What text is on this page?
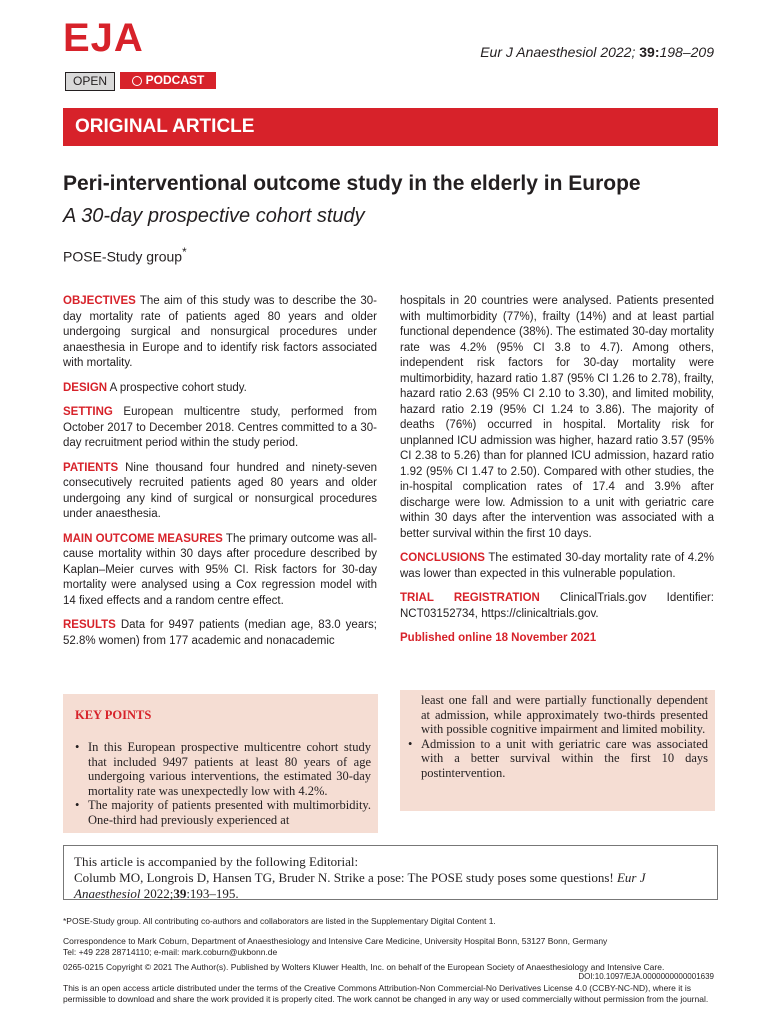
EJA
OPEN	PODCAST
Eur J Anaesthesiol 2022; 39:198–209
ORIGINAL ARTICLE
Peri-interventional outcome study in the elderly in Europe
A 30-day prospective cohort study
POSE-Study group*

OBJECTIVES The aim of this study was to describe the 30-day mortality rate of patients aged 80 years and older undergoing surgical and nonsurgical procedures under anaesthesia in Europe and to identify risk factors associated with mortality.

DESIGN A prospective cohort study.

SETTING European multicentre study, performed from October 2017 to December 2018. Centres committed to a 30-day recruitment period within the study period.

PATIENTS Nine thousand four hundred and ninety-seven consecutively recruited patients aged 80 years and older undergoing any kind of surgical or nonsurgical procedures under anaesthesia.

MAIN OUTCOME MEASURES The primary outcome was all-cause mortality within 30 days after procedure described by Kaplan–Meier curves with 95% CI. Risk factors for 30-day mortality were analysed using a Cox regression model with 14 fixed effects and a random centre effect.

RESULTS Data for 9497 patients (median age, 83.0 years; 52.8% women) from 177 academic and nonacademic

hospitals in 20 countries were analysed. Patients presented with multimorbidity (77%), frailty (14%) and at least partial functional dependence (38%). The estimated 30-day mortality rate was 4.2% (95% CI 3.8 to 4.7). Among others, independent risk factors for 30-day mortality were multimorbidity, hazard ratio 1.87 (95% CI 1.26 to 2.78), frailty, hazard ratio 2.63 (95% CI 2.10 to 3.30), and limited mobility, hazard ratio 2.19 (95% CI 1.24 to 3.86). The majority of deaths (76%) occurred in hospital. Mortality risk for unplanned ICU admission was higher, hazard ratio 3.57 (95% CI 2.38 to 5.26) than for planned ICU admission, hazard ratio 1.92 (95% CI 1.47 to 2.50). Compared with other studies, the in-hospital complication rates of 17.4 and 3.9% after discharge were low. Admission to a unit with geriatric care within 30 days after the intervention was associated with a better survival within the first 10 days.

CONCLUSIONS The estimated 30-day mortality rate of 4.2% was lower than expected in this vulnerable population.

TRIAL REGISTRATION ClinicalTrials.gov Identifier: NCT03152734, https://clinicaltrials.gov.

Published online 18 November 2021
KEY POINTS
• In this European prospective multicentre cohort study that included 9497 patients at least 80 years of age undergoing various interventions, the estimated 30-day mortality rate was unexpectedly low with 4.2%.
• The majority of patients presented with multimorbidity. One-third had previously experienced at
least one fall and were partially functionally dependent at admission, while approximately two-thirds presented with possible cognitive impairment and limited mobility.
• Admission to a unit with geriatric care was associated with a better survival within the first 10 days postintervention.
This article is accompanied by the following Editorial:
Columb MO, Longrois D, Hansen TG, Bruder N. Strike a pose: The POSE study poses some questions! Eur J Anaesthesiol 2022;39:193–195.
*POSE-Study group. All contributing co-authors and collaborators are listed in the Supplementary Digital Content 1.
Correspondence to Mark Coburn, Department of Anaesthesiology and Intensive Care Medicine, University Hospital Bonn, 53127 Bonn, Germany
Tel: +49 228 28714110; e-mail: mark.coburn@ukbonn.de
0265-0215 Copyright © 2021 The Author(s). Published by Wolters Kluwer Health, Inc. on behalf of the European Society of Anaesthesiology and Intensive Care.
DOI:10.1097/EJA.0000000000001639
This is an open access article distributed under the terms of the Creative Commons Attribution-Non Commercial-No Derivatives License 4.0 (CCBY-NC-ND), where it is permissible to download and share the work provided it is properly cited. The work cannot be changed in any way or used commercially without permission from the journal.
